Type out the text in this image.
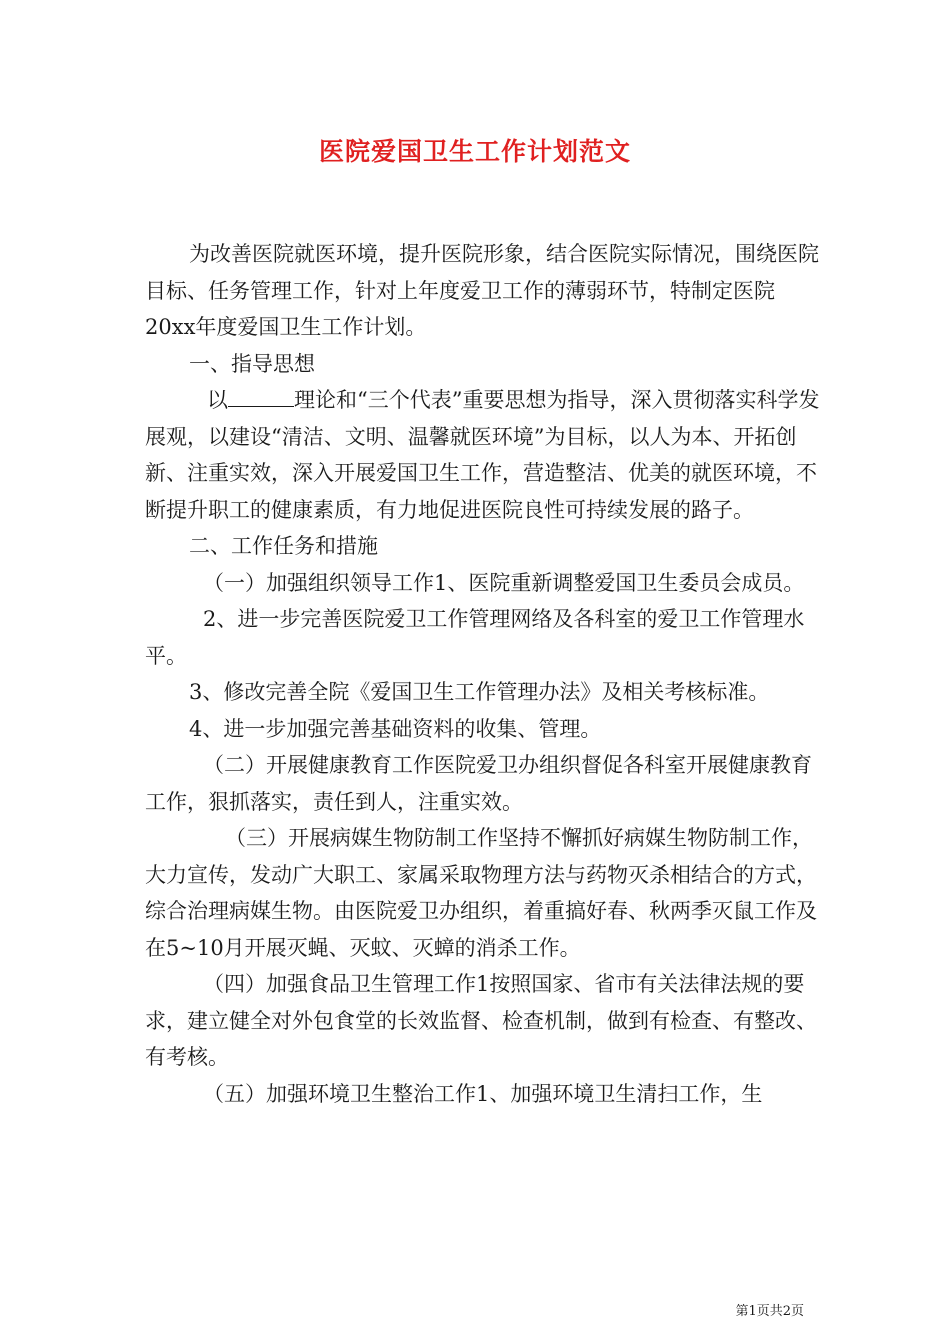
医院爱国卫生工作计划范文

为改善医院就医环境，提升医院形象，结合医院实际情况，围绕医院目标、任务管理工作，针对上年度爱卫工作的薄弱环节，特制定医院20xx年度爱国卫生工作计划。

一、指导思想

以	理论和“三个代表”重要思想为指导，深入贯彻落实科学发展观，以建设“清洁、文明、温馨就医环境”为目标，以人为本、开拓创新、注重实效，深入开展爱国卫生工作，营造整洁、优美的就医环境，不断提升职工的健康素质，有力地促进医院良性可持续发展的路子。

二、工作任务和措施

（一）加强组织领导工作1、医院重新调整爱国卫生委员会成员。

2、进一步完善医院爱卫工作管理网络及各科室的爱卫工作管理水平。

3、修改完善全院《爱国卫生工作管理办法》及相关考核标准。

4、进一步加强完善基础资料的收集、管理。

（二）开展健康教育工作医院爱卫办组织督促各科室开展健康教育工作，狠抓落实，责任到人，注重实效。

（三）开展病媒生物防制工作坚持不懈抓好病媒生物防制工作，大力宣传，发动广大职工、家属采取物理方法与药物灭杀相结合的方式，综合治理病媒生物。由医院爱卫办组织，着重搞好春、秋两季灭鼠工作及在5~10月开展灭蝇、灭蚊、灭蟑的消杀工作。

（四）加强食品卫生管理工作1按照国家、省市有关法律法规的要求，建立健全对外包食堂的长效监督、检查机制，做到有检查、有整改、有考核。

（五）加强环境卫生整治工作1、加强环境卫生清扫工作，生

第1页共2页
